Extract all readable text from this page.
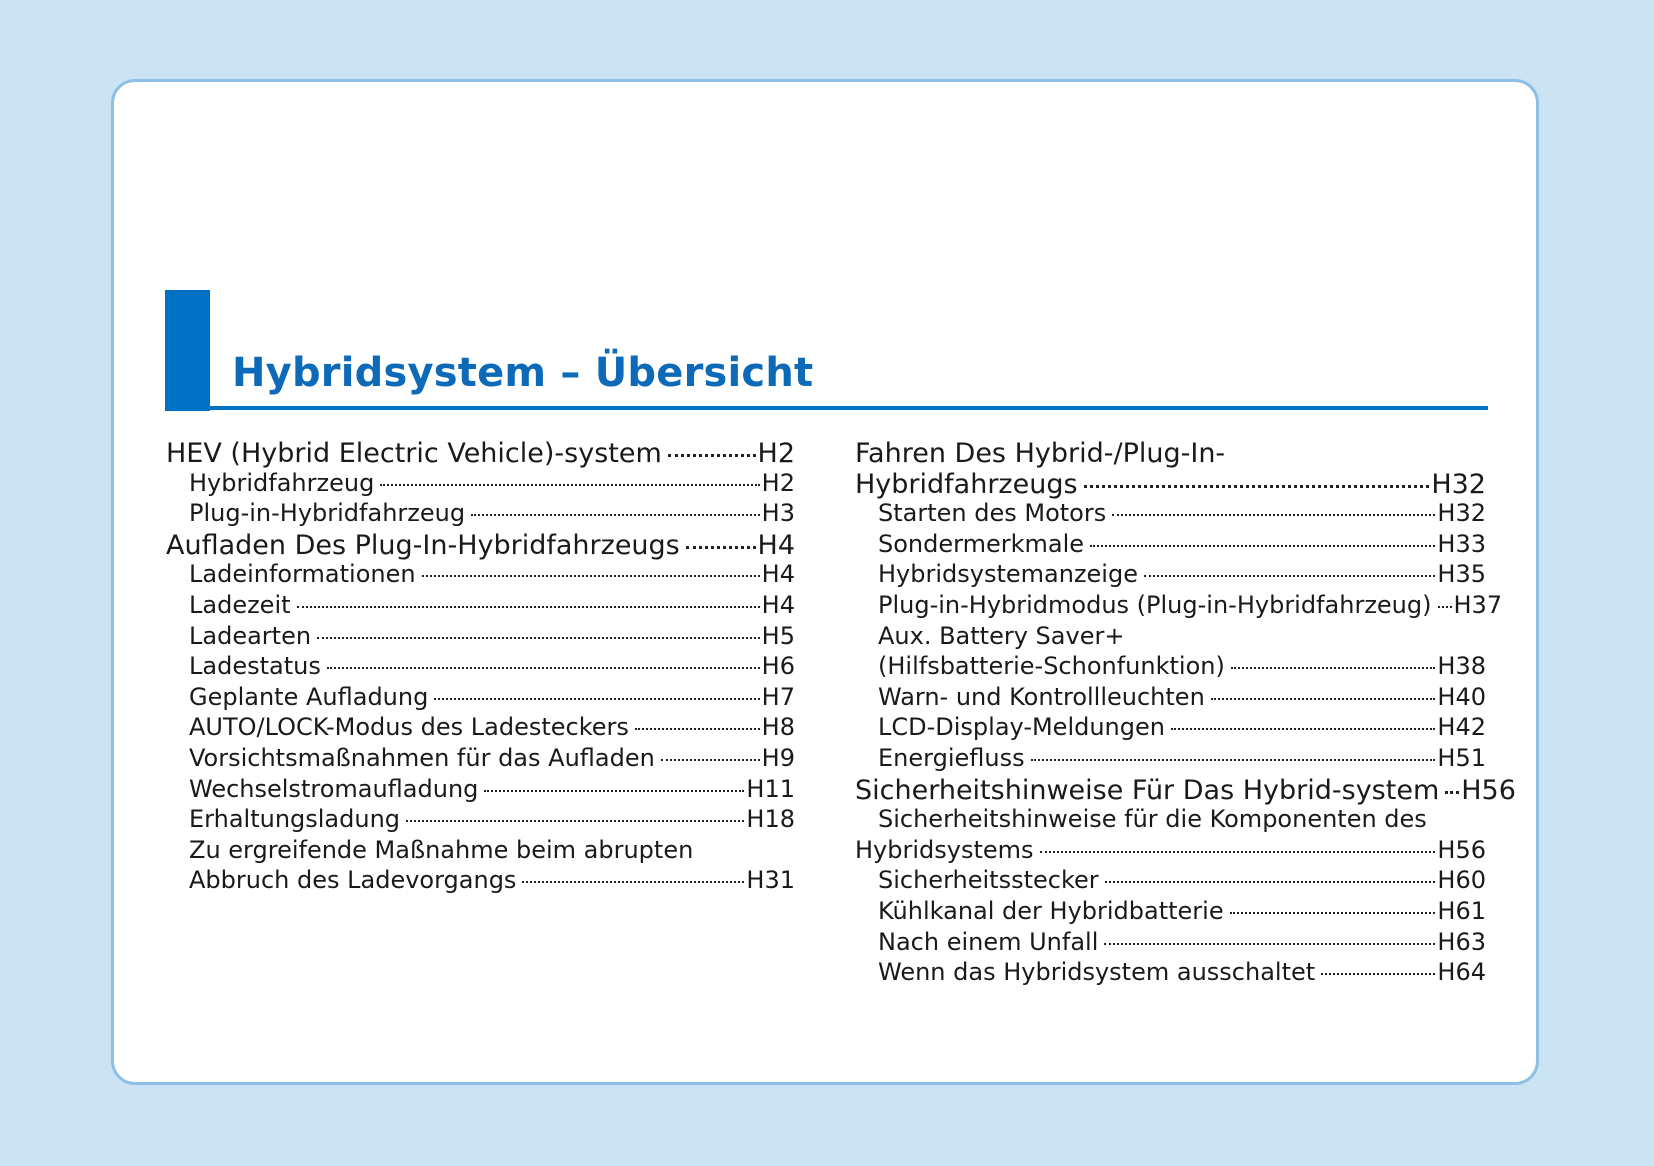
Hybridsystem – Übersicht
HEV (Hybrid Electric Vehicle)-system	H2
Hybridfahrzeug	H2
Plug-in-Hybridfahrzeug	H3
Aufladen Des Plug-In-Hybridfahrzeugs	H4
Ladeinformationen	H4
Ladezeit	H4
Ladearten	H5
Ladestatus	H6
Geplante Aufladung	H7
AUTO/LOCK-Modus des Ladesteckers	H8
Vorsichtsmaßnahmen für das Aufladen	H9
Wechselstromaufladung	H11
Erhaltungsladung	H18
Zu ergreifende Maßnahme beim abrupten
Abbruch des Ladevorgangs	H31
Fahren Des Hybrid-/Plug-In-
Hybridfahrzeugs	H32
Starten des Motors	H32
Sondermerkmale	H33
Hybridsystemanzeige	H35
Plug-in-Hybridmodus (Plug-in-Hybridfahrzeug) H37
Aux. Battery Saver+
(Hilfsbatterie-Schonfunktion)	H38
Warn- und Kontrollleuchten	H40
LCD-Display-Meldungen	H42
Energiefluss	H51
Sicherheitshinweise Für Das Hybrid-system H56
Sicherheitshinweise für die Komponenten des
Hybridsystems	H56
Sicherheitsstecker	H60
Kühlkanal der Hybridbatterie	H61
Nach einem Unfall	H63
Wenn das Hybridsystem ausschaltet	H64
